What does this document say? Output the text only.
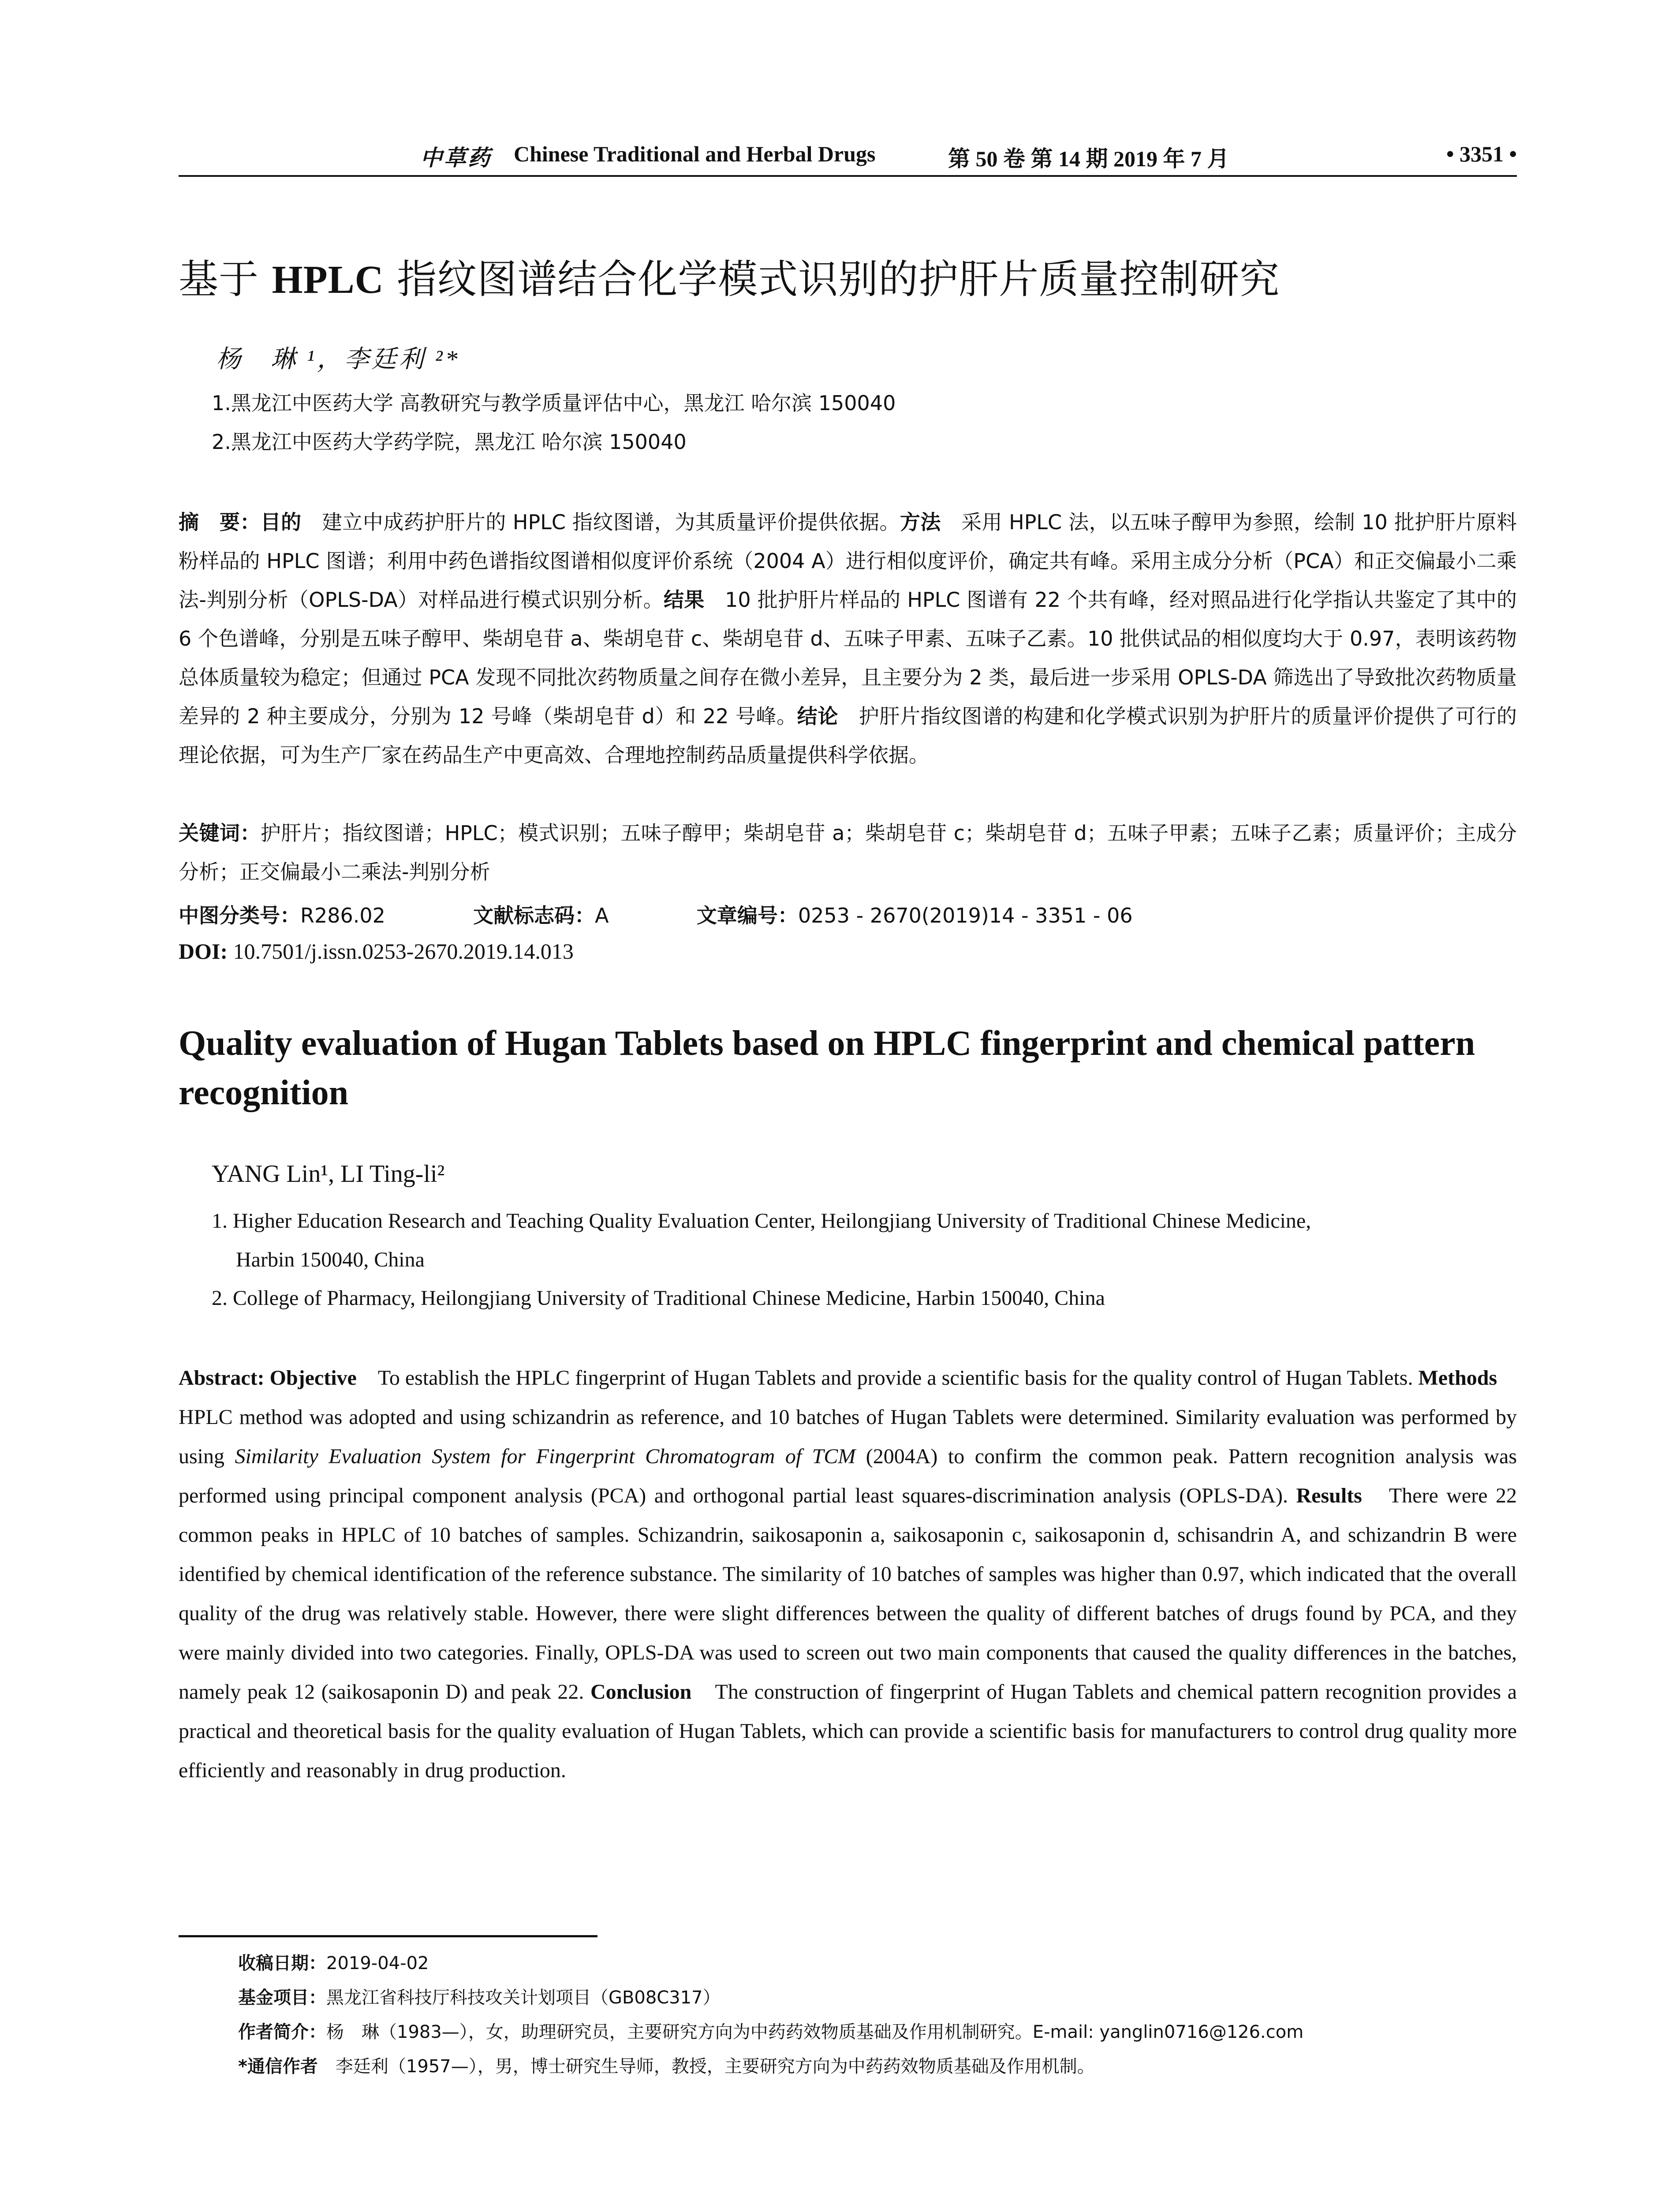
中草药 Chinese Traditional and Herbal Drugs	第 50 卷 第 14 期 2019 年 7 月	• 3351 •
基于 HPLC 指纹图谱结合化学模式识别的护肝片质量控制研究
杨　琳 ¹，李廷利 ²*
1.黑龙江中医药大学 高教研究与教学质量评估中心，黑龙江 哈尔滨 150040
2.黑龙江中医药大学药学院，黑龙江 哈尔滨 150040
摘　要：目的　建立中成药护肝片的 HPLC 指纹图谱，为其质量评价提供依据。方法　采用 HPLC 法，以五味子醇甲为参照，绘制 10 批护肝片原料粉样品的 HPLC 图谱；利用中药色谱指纹图谱相似度评价系统（2004 A）进行相似度评价，确定共有峰。采用主成分分析（PCA）和正交偏最小二乘法-判别分析（OPLS-DA）对样品进行模式识别分析。结果　10 批护肝片样品的 HPLC 图谱有 22 个共有峰，经对照品进行化学指认共鉴定了其中的 6 个色谱峰，分别是五味子醇甲、柴胡皂苷 a、柴胡皂苷 c、柴胡皂苷 d、五味子甲素、五味子乙素。10 批供试品的相似度均大于 0.97，表明该药物总体质量较为稳定；但通过 PCA 发现不同批次药物质量之间存在微小差异，且主要分为 2 类，最后进一步采用 OPLS-DA 筛选出了导致批次药物质量差异的 2 种主要成分，分别为 12 号峰（柴胡皂苷 d）和 22 号峰。结论　护肝片指纹图谱的构建和化学模式识别为护肝片的质量评价提供了可行的理论依据，可为生产厂家在药品生产中更高效、合理地控制药品质量提供科学依据。
关键词：护肝片；指纹图谱；HPLC；模式识别；五味子醇甲；柴胡皂苷 a；柴胡皂苷 c；柴胡皂苷 d；五味子甲素；五味子乙素；质量评价；主成分分析；正交偏最小二乘法-判别分析
中图分类号：R286.02	文献标志码：A	文章编号：0253 - 2670(2019)14 - 3351 - 06
DOI: 10.7501/j.issn.0253-2670.2019.14.013
Quality evaluation of Hugan Tablets based on HPLC fingerprint and chemical pattern recognition
YANG Lin¹, LI Ting-li²
1. Higher Education Research and Teaching Quality Evaluation Center, Heilongjiang University of Traditional Chinese Medicine,
Harbin 150040, China
2. College of Pharmacy, Heilongjiang University of Traditional Chinese Medicine, Harbin 150040, China
Abstract: Objective　To establish the HPLC fingerprint of Hugan Tablets and provide a scientific basis for the quality control of Hugan Tablets. Methods　HPLC method was adopted and using schizandrin as reference, and 10 batches of Hugan Tablets were determined. Similarity evaluation was performed by using Similarity Evaluation System for Fingerprint Chromatogram of TCM (2004A) to confirm the common peak. Pattern recognition analysis was performed using principal component analysis (PCA) and orthogonal partial least squares-discrimination analysis (OPLS-DA). Results　There were 22 common peaks in HPLC of 10 batches of samples. Schizandrin, saikosaponin a, saikosaponin c, saikosaponin d, schisandrin A, and schizandrin B were identified by chemical identification of the reference substance. The similarity of 10 batches of samples was higher than 0.97, which indicated that the overall quality of the drug was relatively stable. However, there were slight differences between the quality of different batches of drugs found by PCA, and they were mainly divided into two categories. Finally, OPLS-DA was used to screen out two main components that caused the quality differences in the batches, namely peak 12 (saikosaponin D) and peak 22. Conclusion　The construction of fingerprint of Hugan Tablets and chemical pattern recognition provides a practical and theoretical basis for the quality evaluation of Hugan Tablets, which can provide a scientific basis for manufacturers to control drug quality more efficiently and reasonably in drug production.
收稿日期：2019-04-02
基金项目：黑龙江省科技厅科技攻关计划项目（GB08C317）
作者简介：杨　琳（1983—），女，助理研究员，主要研究方向为中药药效物质基础及作用机制研究。E-mail: yanglin0716@126.com
*通信作者　李廷利（1957—），男，博士研究生导师，教授，主要研究方向为中药药效物质基础及作用机制。
